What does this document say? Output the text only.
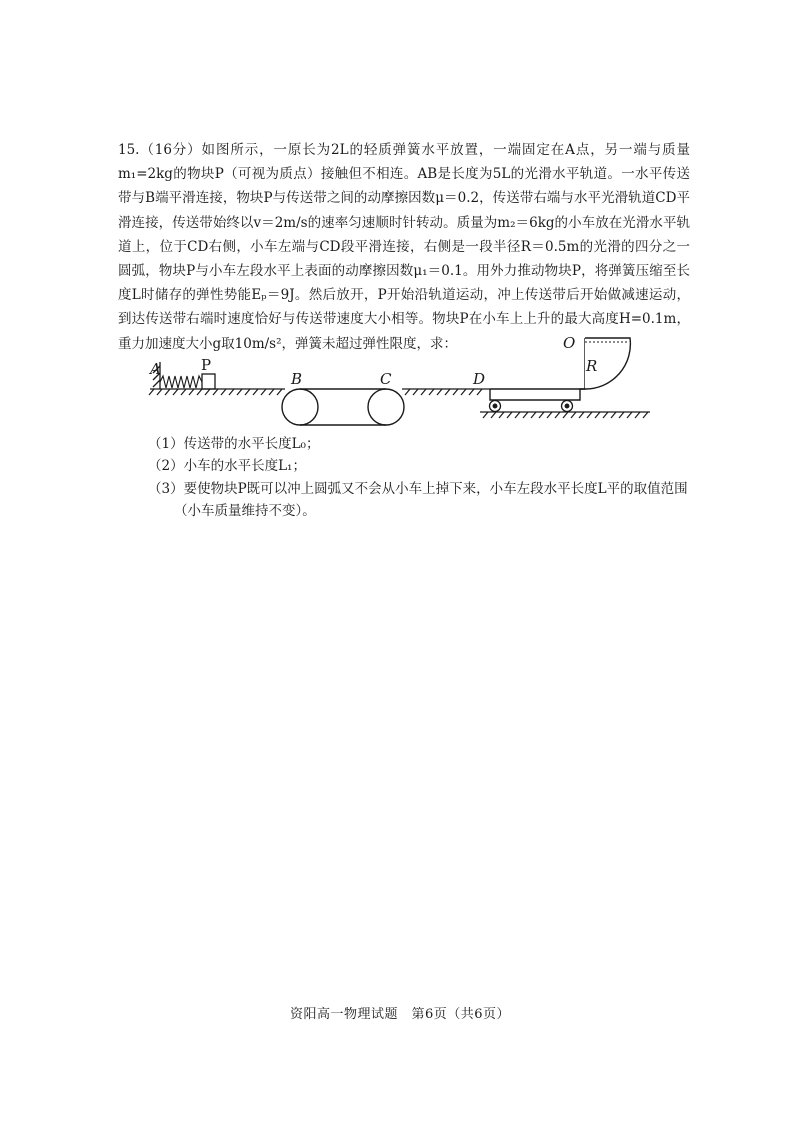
15.（16分）如图所示，一原长为2L的轻质弹簧水平放置，一端固定在A点，另一端与质量m₁=2kg的物块P（可视为质点）接触但不相连。AB是长度为5L的光滑水平轨道。一水平传送带与B端平滑连接，物块P与传送带之间的动摩擦因数μ＝0.2，传送带右端与水平光滑轨道CD平滑连接，传送带始终以v＝2m/s的速率匀速顺时针转动。质量为m₂＝6kg的小车放在光滑水平轨道上，位于CD右侧，小车左端与CD段平滑连接，右侧是一段半径R＝0.5m的光滑的四分之一圆弧，物块P与小车左段水平上表面的动摩擦因数μ₁＝0.1。用外力推动物块P，将弹簧压缩至长度L时储存的弹性势能Eₚ＝9J。然后放开，P开始沿轨道运动，冲上传送带后开始做减速运动，到达传送带右端时速度恰好与传送带速度大小相等。物块P在小车上上升的最大高度H=0.1m，重力加速度大小g取10m/s²，弹簧未超过弹性限度，求：

A	P
B	C	D
O
R

（1）传送带的水平长度L₀；

（2）小车的水平长度L₁；

（3）要使物块P既可以冲上圆弧又不会从小车上掉下来，小车左段水平长度L平的取值范围

（小车质量维持不变）。

资阳高一物理试题　第6页（共6页）
